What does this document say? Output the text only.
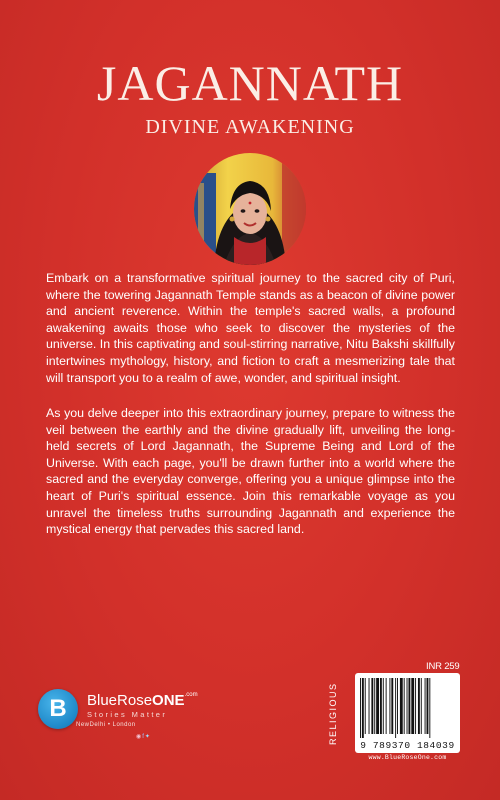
JAGANNATH
DIVINE AWAKENING

Embark on a transformative spiritual journey to the sacred city of Puri, where the towering Jagannath Temple stands as a beacon of divine power and ancient reverence. Within the temple's sacred walls, a profound awakening awaits those who seek to discover the mysteries of the universe. In this captivating and soul-stirring narrative, Nitu Bakshi skillfully intertwines mythology, history, and fiction to craft a mesmerizing tale that will transport you to a realm of awe, wonder, and spiritual insight.

As you delve deeper into this extraordinary journey, prepare to witness the veil between the earthly and the divine gradually lift, unveiling the long-held secrets of Lord Jagannath, the Supreme Being and Lord of the Universe. With each page, you'll be drawn further into a world where the sacred and the everyday converge, offering you a unique glimpse into the heart of Puri's spiritual essence. Join this remarkable voyage as you unravel the timeless truths surrounding Jagannath and experience the mystical energy that pervades this sacred land.

B	BlueRoseONE$^{.com}$
Stories Matter
NewDelhi • London
◉f✦
INR 259
RELIGIOUS
9 789370 184039
www.BlueRoseOne.com
